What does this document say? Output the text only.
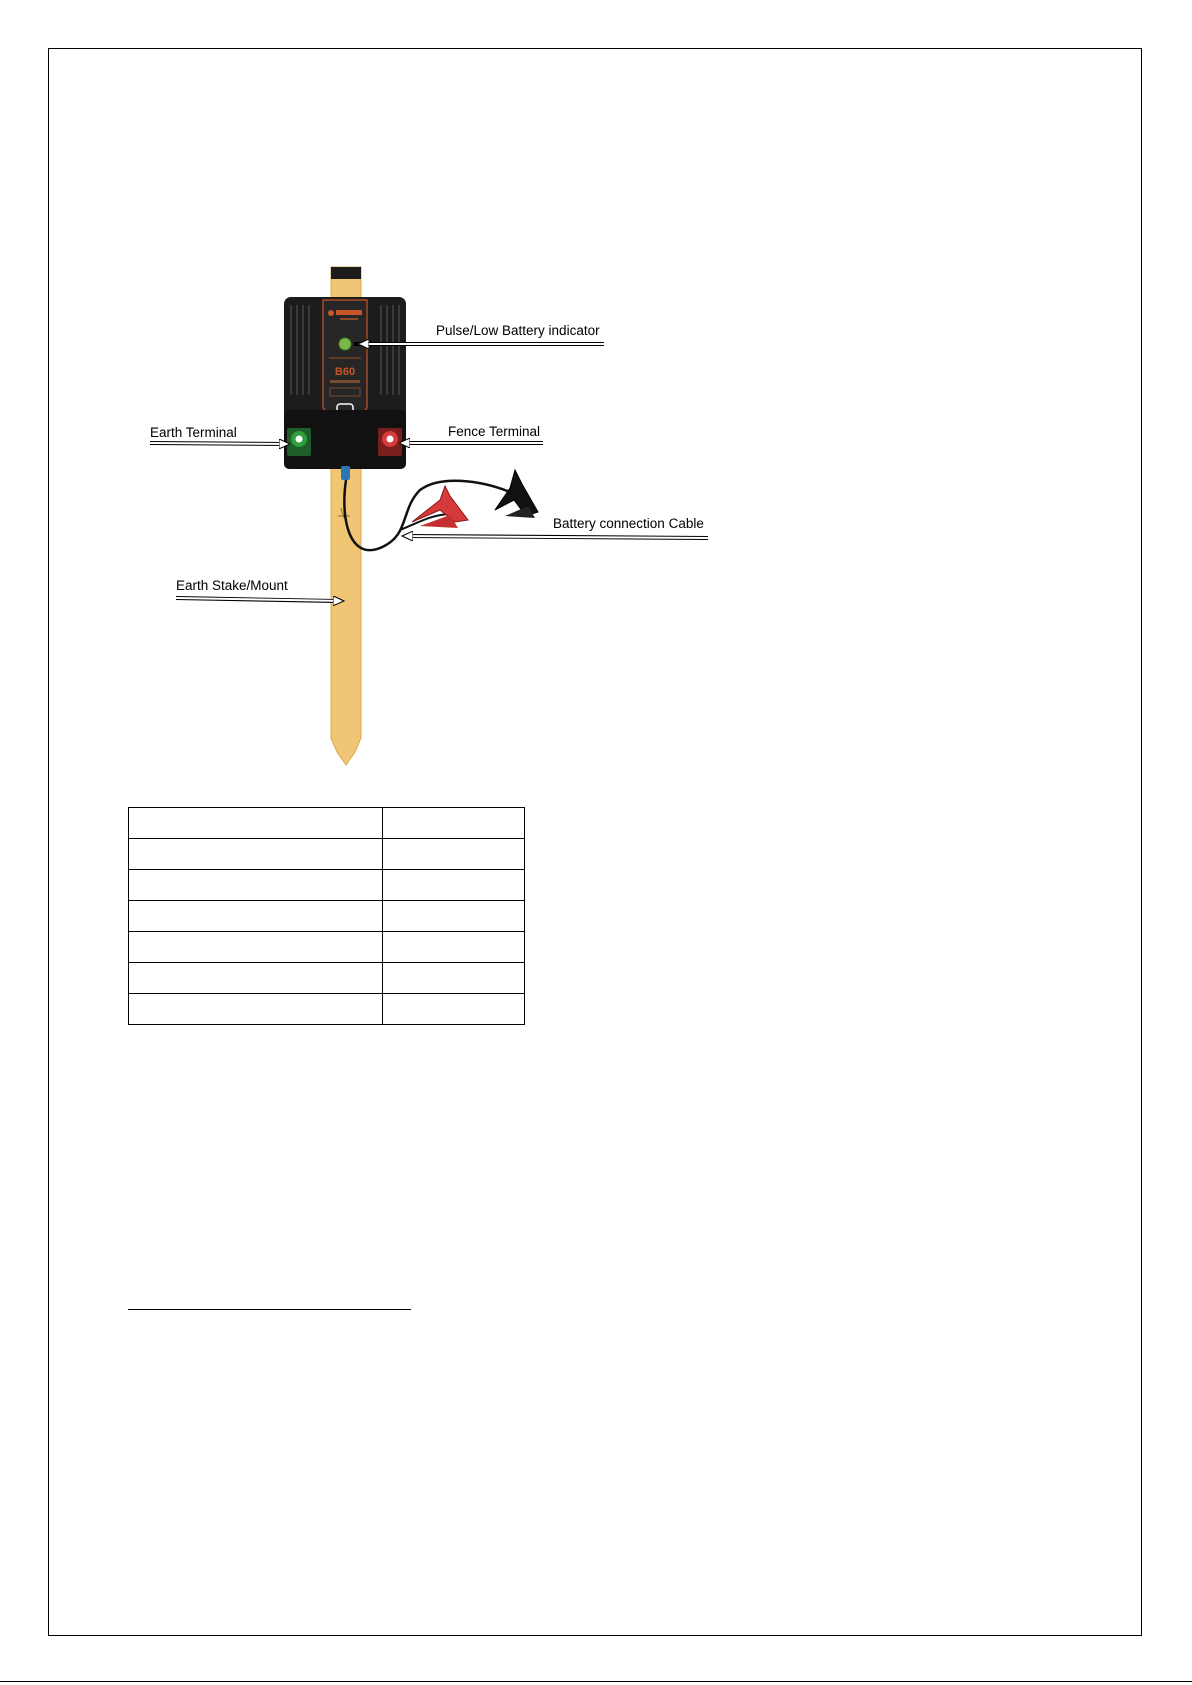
B60
Pulse/Low Battery indicator
Earth Terminal	Fence Terminal
Battery connection Cable
Earth Stake/Mount
